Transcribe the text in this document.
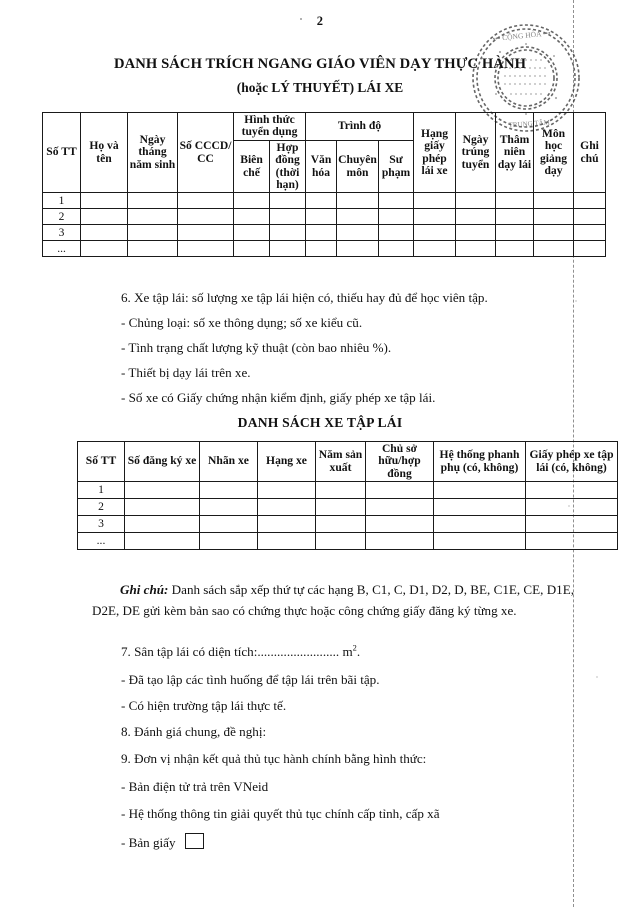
2
••• CỘNG HÒA •••
TRUNG TÂM
DANH SÁCH TRÍCH NGANG GIÁO VIÊN DẠY THỰC HÀNH
(hoặc LÝ THUYẾT) LÁI XE
Số TT	Họ và tên	Ngày tháng năm sinh	Số CCCD/ CC	Hình thức tuyển dụng		Trình độ			Hạng giấy phép lái xe	Ngày trúng tuyển	Thâm niên dạy lái	Môn học giảng dạy	Ghi chú
				Biên chế	Hợp đồng (thời hạn)	Văn hóa	Chuyên môn	Sư phạm					

1													
2													
3													
...													
6. Xe tập lái: số lượng xe tập lái hiện có, thiếu hay đủ để học viên tập.
- Chủng loại: số xe thông dụng; số xe kiểu cũ.
- Tình trạng chất lượng kỹ thuật (còn bao nhiêu %).
- Thiết bị dạy lái trên xe.
- Số xe có Giấy chứng nhận kiểm định, giấy phép xe tập lái.
DANH SÁCH XE TẬP LÁI
Số TT	Số đăng ký xe	Nhãn xe	Hạng xe	Năm sản xuất	Chủ sở hữu/hợp đồng	Hệ thống phanh phụ (có, không)	Giấy phép xe tập lái (có, không)
1							
2							
3							
...							
Ghi chú: Danh sách sắp xếp thứ tự các hạng B, C1, C, D1, D2, D, BE, C1E, CE, D1E, D2E, DE gửi kèm bản sao có chứng thực hoặc công chứng giấy đăng ký từng xe.
7. Sân tập lái có diện tích:......................... $m^2$.
- Đã tạo lập các tình huống để tập lái trên bãi tập.
- Có hiện trường tập lái thực tế.
8. Đánh giá chung, đề nghị:
9. Đơn vị nhận kết quả thủ tục hành chính bằng hình thức:
- Bản điện tử trả trên VNeid
- Hệ thống thông tin giải quyết thủ tục chính cấp tỉnh, cấp xã
- Bản giấy
